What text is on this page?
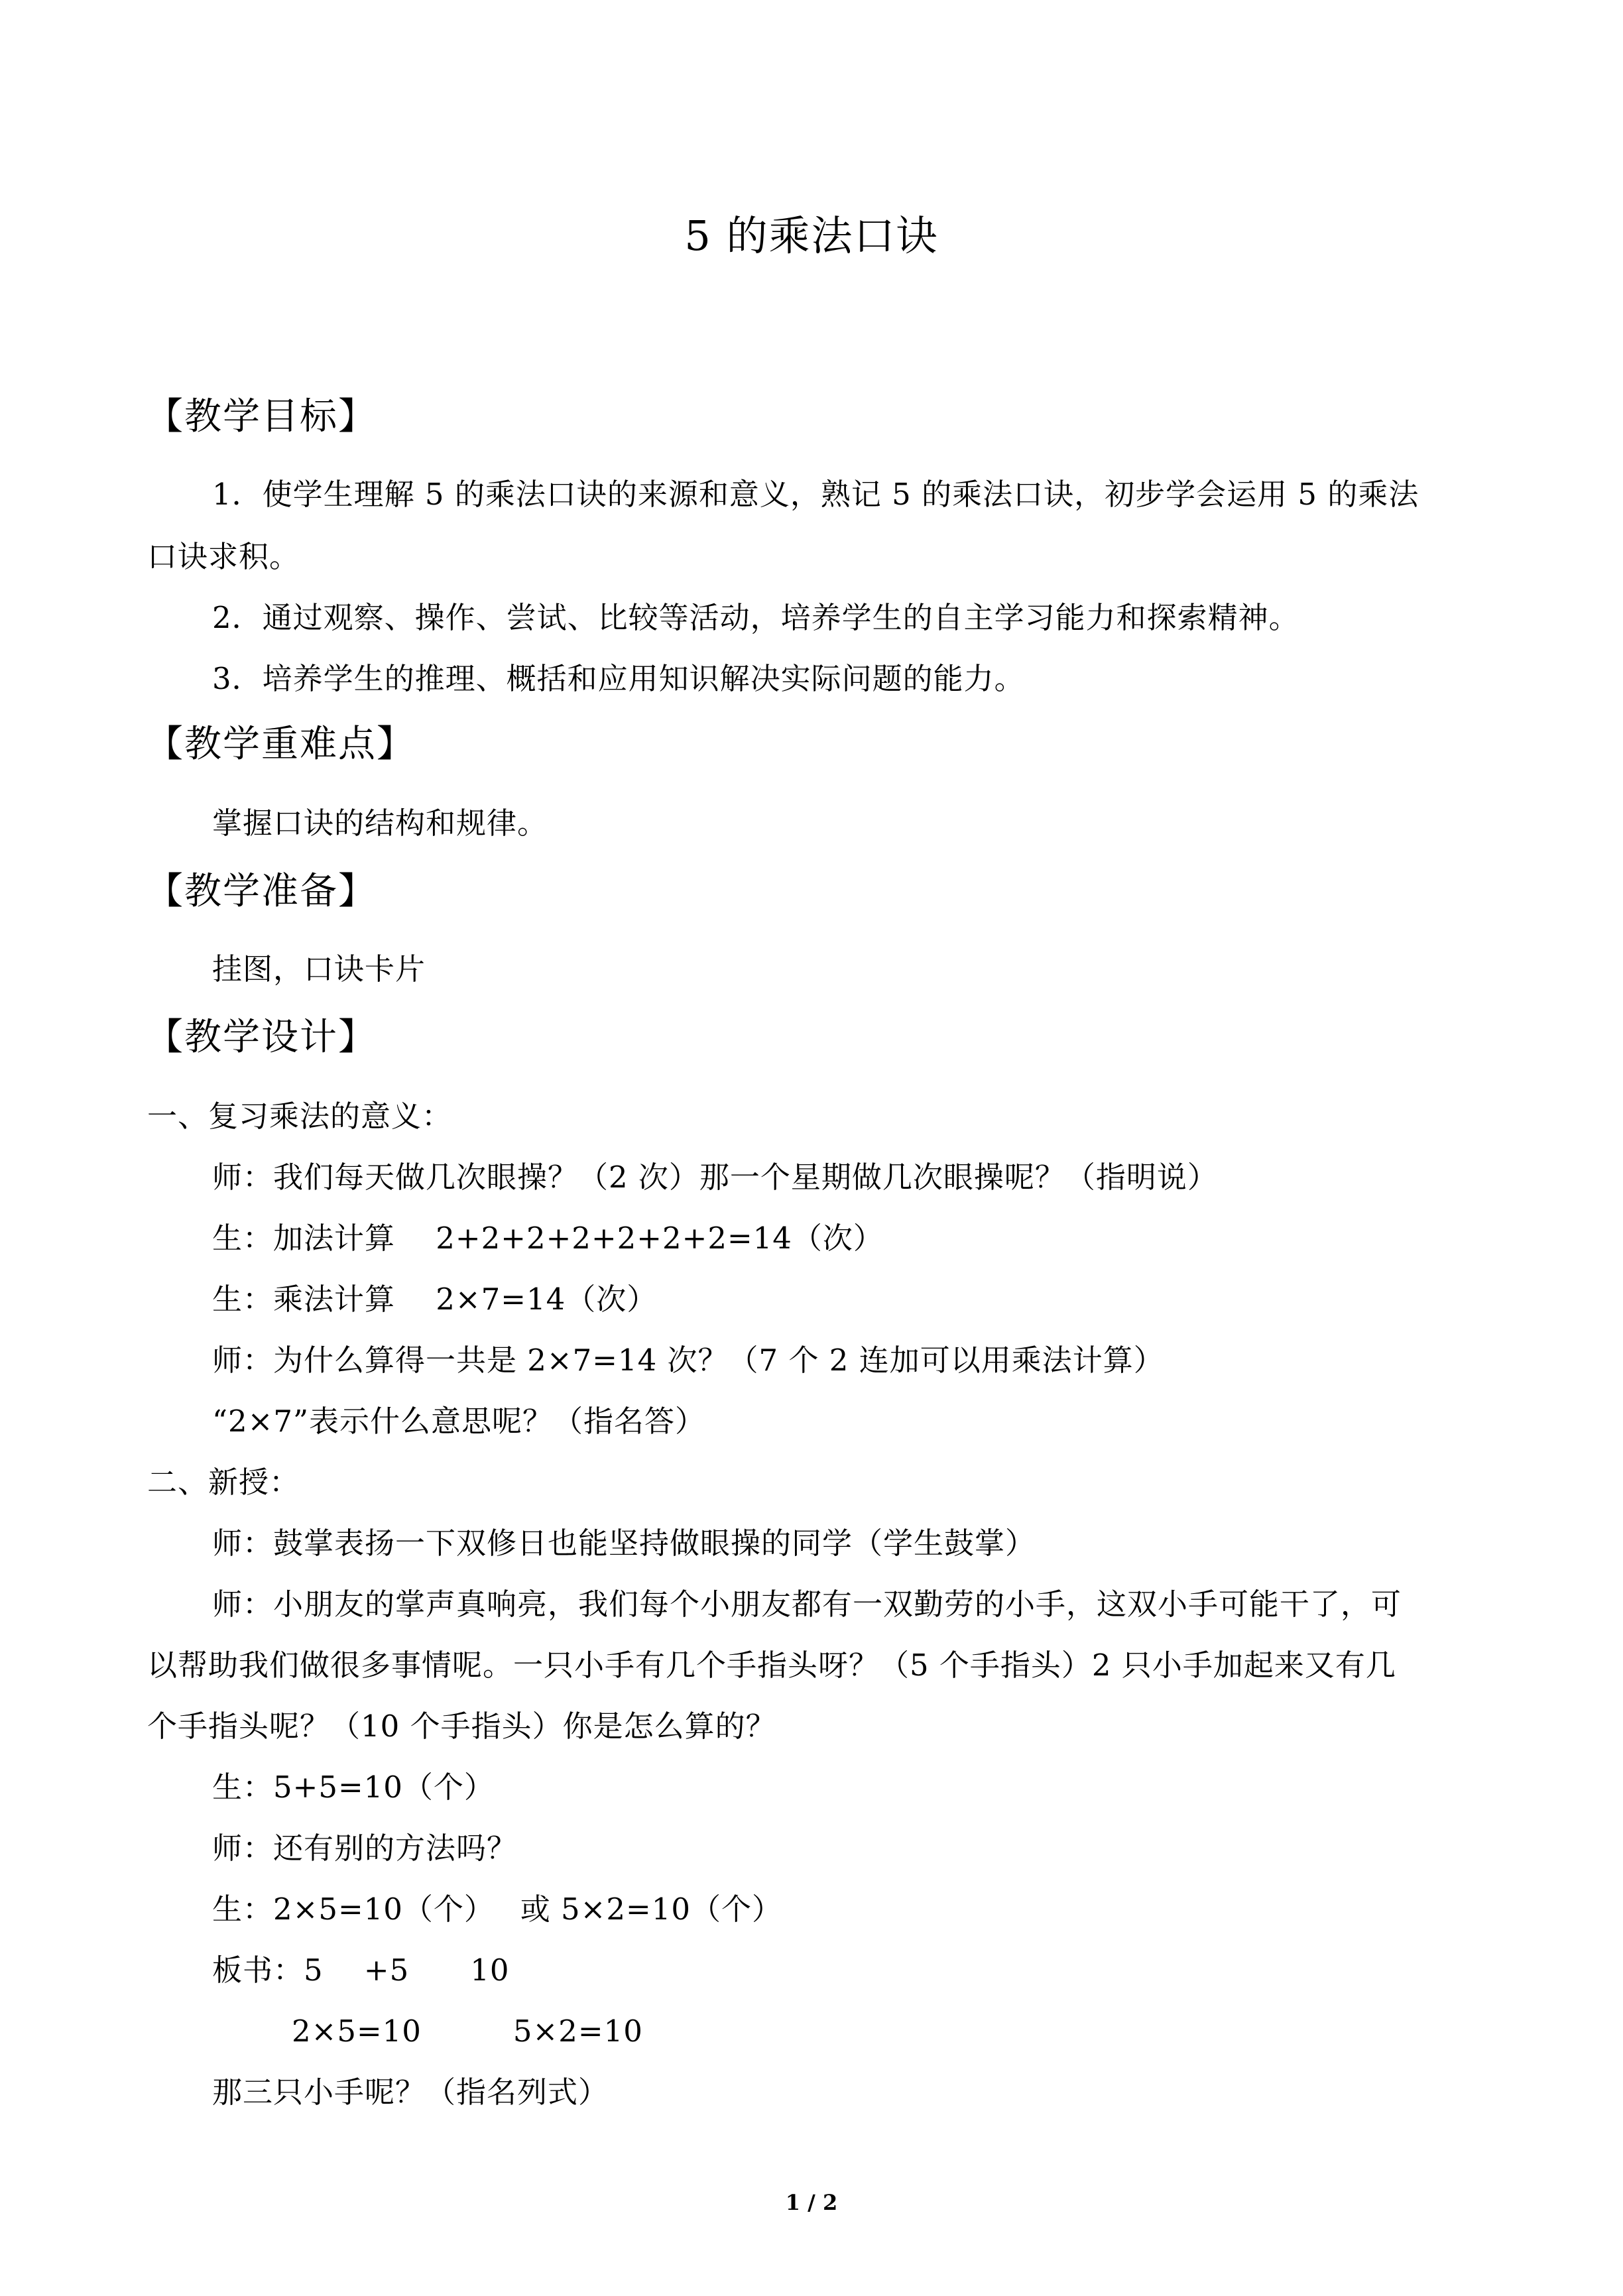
5 的乘法口诀
【教学目标】
1．使学生理解 5 的乘法口诀的来源和意义，熟记 5 的乘法口诀，初步学会运用 5 的乘法
口诀求积。
2．通过观察、操作、尝试、比较等活动，培养学生的自主学习能力和探索精神。
3．培养学生的推理、概括和应用知识解决实际问题的能力。
【教学重难点】
掌握口诀的结构和规律。
【教学准备】
挂图，口诀卡片
【教学设计】
一、复习乘法的意义：
师：我们每天做几次眼操？（2 次）那一个星期做几次眼操呢？（指明说）
生：加法计算　 2+2+2+2+2+2+2=14（次）
生：乘法计算　 2×7=14（次）
师：为什么算得一共是 2×7=14 次？（7 个 2 连加可以用乘法计算）
“2×7”表示什么意思呢？（指名答）
二、新授：
师：鼓掌表扬一下双修日也能坚持做眼操的同学（学生鼓掌）
师：小朋友的掌声真响亮，我们每个小朋友都有一双勤劳的小手，这双小手可能干了，可
以帮助我们做很多事情呢。一只小手有几个手指头呀？（5 个手指头）2 只小手加起来又有几
个手指头呢？（10 个手指头）你是怎么算的？
生：5+5=10（个）
师：还有别的方法吗？
生：2×5=10（个）　 或 5×2=10（个）
板书：5　 +5　　10
2×5=10　　　5×2=10
那三只小手呢？（指名列式）
1 / 2
